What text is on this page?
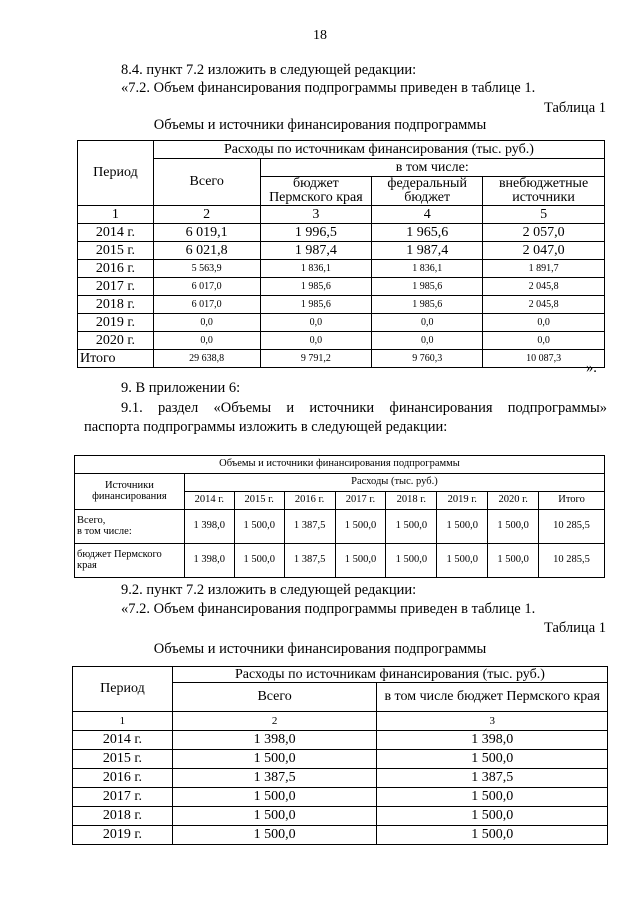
18
8.4. пункт 7.2 изложить в следующей редакции:
«7.2. Объем финансирования подпрограммы приведен в таблице 1.
Таблица 1
Объемы и источники финансирования подпрограммы
Период	Расходы по источникам финансирования (тыс. руб.)			
	Всего	в том числе:		
		бюджет Пермского края	федеральный бюджет	внебюджетные источники
1	2	3	4	5
2014 г.	6 019,1	1 996,5	1 965,6	2 057,0
2015 г.	6 021,8	1 987,4	1 987,4	2 047,0
2016 г.	5 563,9	1 836,1	1 836,1	1 891,7
2017 г.	6 017,0	1 985,6	1 985,6	2 045,8
2018 г.	6 017,0	1 985,6	1 985,6	2 045,8
2019 г.	0,0	0,0	0,0	0,0
2020 г.	0,0	0,0	0,0	0,0
Итого	29 638,8	9 791,2	9 760,3	10 087,3
».
9. В приложении 6:
9.1. раздел «Объемы и источники финансирования подпрограммы»
паспорта подпрограммы изложить в следующей редакции:
Объемы и источники финансирования подпрограммы								
Источники финансирования	Расходы (тыс. руб.)							
	2014 г.	2015 г.	2016 г.	2017 г.	2018 г.	2019 г.	2020 г.	Итого

Всего,
в том числе:	1 398,0	1 500,0	1 387,5	1 500,0	1 500,0	1 500,0	1 500,0	10 285,5

бюджет Пермского
края	1 398,0	1 500,0	1 387,5	1 500,0	1 500,0	1 500,0	1 500,0	10 285,5
9.2. пункт 7.2 изложить в следующей редакции:
«7.2. Объем финансирования подпрограммы приведен в таблице 1.
Таблица 1
Объемы и источники финансирования подпрограммы
Период	Расходы по источникам финансирования (тыс. руб.)	
	Всего	в том числе бюджет Пермского края
1	2	3
2014 г.	1 398,0	1 398,0
2015 г.	1 500,0	1 500,0
2016 г.	1 387,5	1 387,5
2017 г.	1 500,0	1 500,0
2018 г.	1 500,0	1 500,0
2019 г.	1 500,0	1 500,0
